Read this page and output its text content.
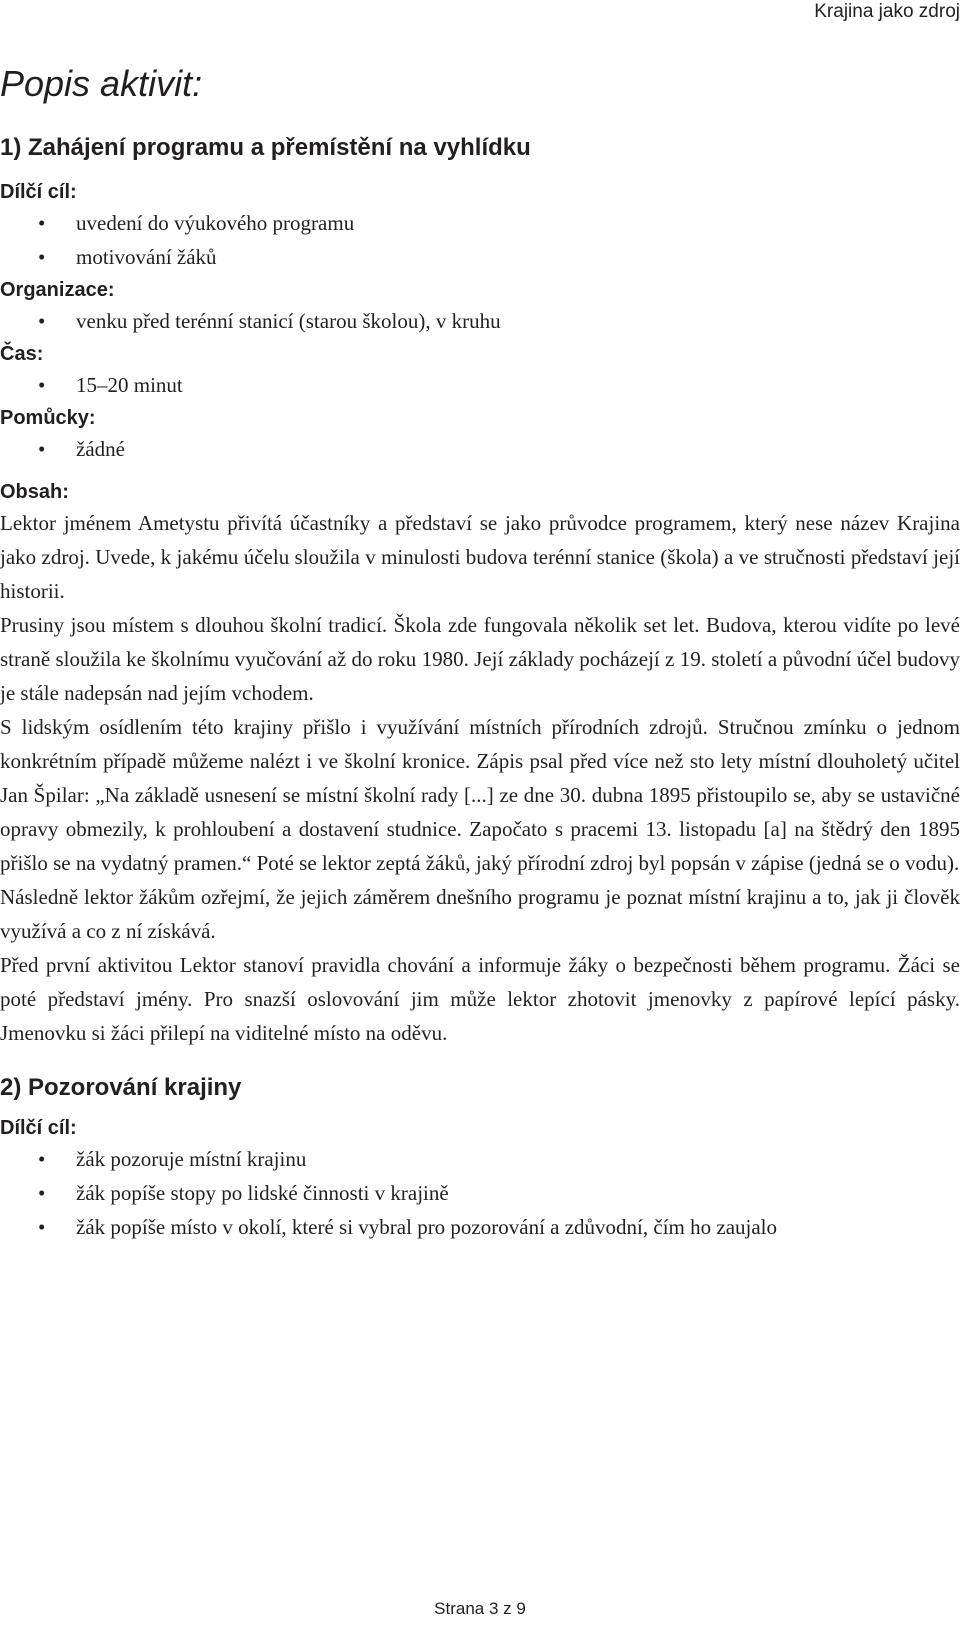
Krajina jako zdroj
Popis aktivit:
1) Zahájení programu a přemístění na vyhlídku
Dílčí cíl:
• uvedení do výukového programu
• motivování žáků
Organizace:
• venku před terénní stanicí (starou školou), v kruhu
Čas:
• 15–20 minut
Pomůcky:
• žádné
Obsah:

Lektor jménem Ametystu přivítá účastníky a představí se jako průvodce programem, který nese název Krajina jako zdroj. Uvede, k jakému účelu sloužila v minulosti budova terénní stanice (škola) a ve stručnosti představí její historii.

Prusiny jsou místem s dlouhou školní tradicí. Škola zde fungovala několik set let. Budova, kterou vidíte po levé straně sloužila ke školnímu vyučování až do roku 1980. Její základy pocházejí z 19. století a původní účel budovy je stále nadepsán nad jejím vchodem.

S lidským osídlením této krajiny přišlo i využívání místních přírodních zdrojů. Stručnou zmínku o jednom konkrétním případě můžeme nalézt i ve školní kronice. Zápis psal před více než sto lety místní dlouholetý učitel Jan Špilar: „Na základě usnesení se místní školní rady [...] ze dne 30. dubna 1895 přistoupilo se, aby se ustavičné opravy obmezily, k prohloubení a dostavení studnice. Započato s pracemi 13. listopadu [a] na štědrý den 1895 přišlo se na vydatný pramen.“ Poté se lektor zeptá žáků, jaký přírodní zdroj byl popsán v zápise (jedná se o vodu).

Následně lektor žákům ozřejmí, že jejich záměrem dnešního programu je poznat místní krajinu a to, jak ji člověk využívá a co z ní získává.

Před první aktivitou Lektor stanoví pravidla chování a informuje žáky o bezpečnosti během programu. Žáci se poté představí jmény. Pro snazší oslovování jim může lektor zhotovit jmenovky z papírové lepící pásky. Jmenovku si žáci přilepí na viditelné místo na oděvu.

2) Pozorování krajiny
Dílčí cíl:
• žák pozoruje místní krajinu
• žák popíše stopy po lidské činnosti v krajině
• žák popíše místo v okolí, které si vybral pro pozorování a zdůvodní, čím ho zaujalo
Strana 3 z 9
